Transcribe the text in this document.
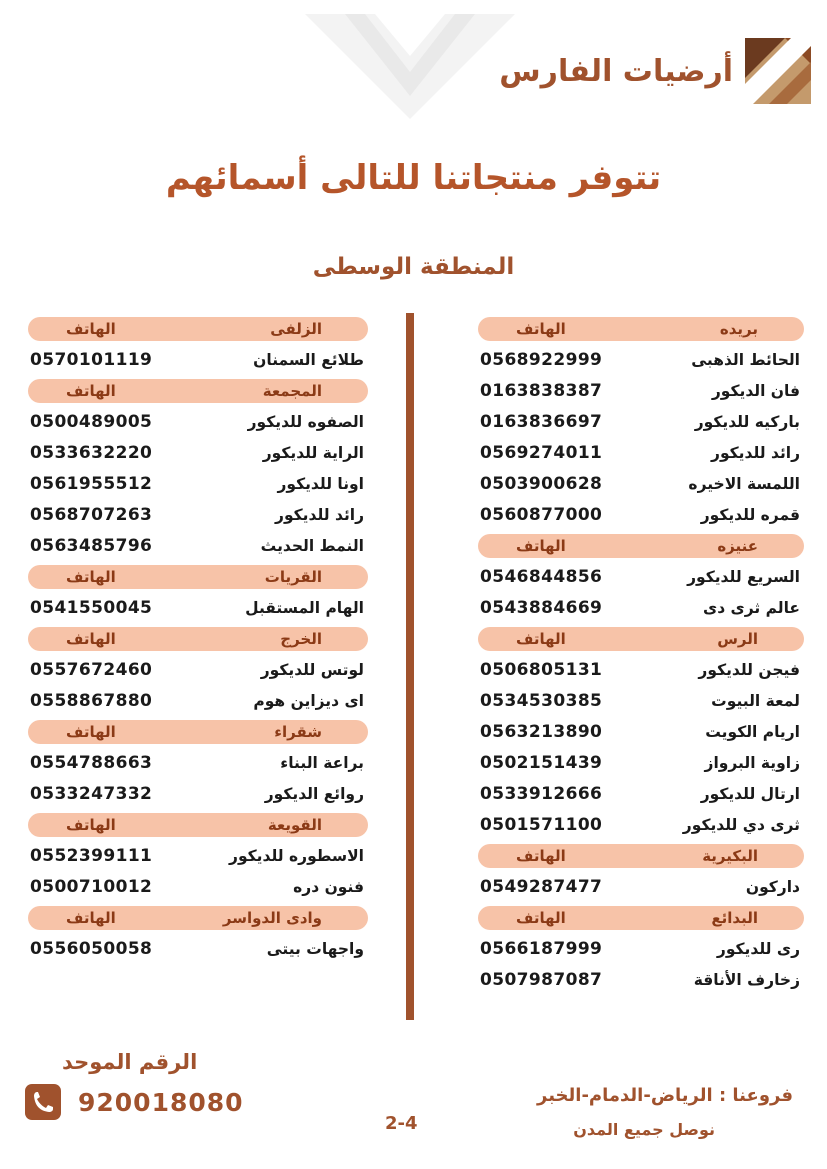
أرضيات الفارس
تتوفر منتجاتنا للتالى أسمائهم
المنطقة الوسطى
بريده
الهاتف
الحائط الذهبى
0568922999
فان الديكور
0163838387
باركيه للديكور
0163836697
رائد للديكور
0569274011
اللمسة الاخيره
0503900628
قمره للديكور
0560877000
عنيزه
الهاتف
السريع للديكور
0546844856
عالم ثرى دى
0543884669
الرس
الهاتف
فيجن للديكور
0506805131
لمعة البيوت
0534530385
اريام الكويت
0563213890
زاوية البرواز
0502151439
ارتال للديكور
0533912666
ثرى دي للديكور
0501571100
البكيرية
الهاتف
داركون
0549287477
البدائع
الهاتف
رى للديكور
0566187999
زخارف الأناقة
0507987087
الزلفى
الهاتف
طلائع السمنان
0570101119
المجمعة
الهاتف
الصفوه للديكور
0500489005
الراية للديكور
0533632220
اونا للديكور
0561955512
رائد للديكور
0568707263
النمط الحديث
0563485796
القريات
الهاتف
الهام المستقبل
0541550045
الخرج
الهاتف
لوتس للديكور
0557672460
اى ديزاين هوم
0558867880
شقراء
الهاتف
براعة البناء
0554788663
روائع الديكور
0533247332
القويعة
الهاتف
الاسطوره للديكور
0552399111
فنون دره
0500710012
وادى الدواسر
الهاتف
واجهات بيتى
0556050058
الرقم الموحد
920018080	فروعنا : الرياض-الدمام-الخبر
نوصل جميع المدن
2-4
